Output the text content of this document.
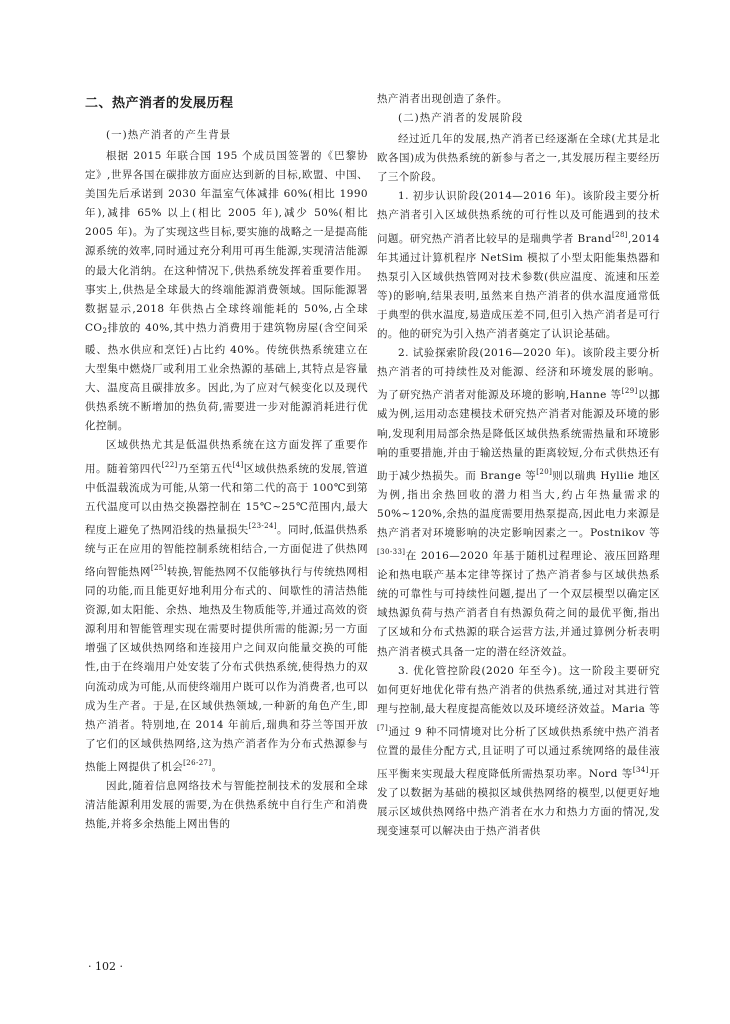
二、热产消者的发展历程
(一)热产消者的产生背景

根据 2015 年联合国 195 个成员国签署的《巴黎协定》,世界各国在碳排放方面应达到新的目标,欧盟、中国、美国先后承诺到 2030 年温室气体减排 60%(相比 1990 年),减排 65% 以上(相比 2005 年),减少 50%(相比 2005 年)。为了实现这些目标,要实施的战略之一是提高能源系统的效率,同时通过充分利用可再生能源,实现清洁能源的最大化消纳。在这种情况下,供热系统发挥着重要作用。事实上,供热是全球最大的终端能源消费领域。国际能源署数据显示,2018 年供热占全球终端能耗的 50%,占全球 $CO_2$排放的 40%,其中热力消费用于建筑物房屋(含空间采暖、热水供应和烹饪)占比约 40%。传统供热系统建立在大型集中燃烧厂或利用工业余热源的基础上,其特点是容量大、温度高且碳排放多。因此,为了应对气候变化以及现代供热系统不断增加的热负荷,需要进一步对能源消耗进行优化控制。

区域供热尤其是低温供热系统在这方面发挥了重要作用。随着第四代[22]乃至第五代[4]区域供热系统的发展,管道中低温载流成为可能,从第一代和第二代的高于 100℃到第五代温度可以由热交换器控制在 15℃~25℃范围内,最大程度上避免了热网沿线的热量损失[23-24]。同时,低温供热系统与正在应用的智能控制系统相结合,一方面促进了供热网络向智能热网[25]转换,智能热网不仅能够执行与传统热网相同的功能,而且能更好地利用分布式的、间歇性的清洁热能资源,如太阳能、余热、地热及生物质能等,并通过高效的资源利用和智能管理实现在需要时提供所需的能源;另一方面增强了区域供热网络和连接用户之间双向能量交换的可能性,由于在终端用户处安装了分布式供热系统,使得热力的双向流动成为可能,从而使终端用户既可以作为消费者,也可以成为生产者。于是,在区域供热领域,一种新的角色产生,即热产消者。特别地,在 2014 年前后,瑞典和芬兰等国开放了它们的区域供热网络,这为热产消者作为分布式热源参与热能上网提供了机会[26-27]。

因此,随着信息网络技术与智能控制技术的发展和全球清洁能源利用发展的需要,为在供热系统中自行生产和消费热能,并将多余热能上网出售的

热产消者出现创造了条件。

(二)热产消者的发展阶段

经过近几年的发展,热产消者已经逐渐在全球(尤其是北欧各国)成为供热系统的新参与者之一,其发展历程主要经历了三个阶段。

1. 初步认识阶段(2014—2016 年)。该阶段主要分析热产消者引入区域供热系统的可行性以及可能遇到的技术问题。研究热产消者比较早的是瑞典学者 Brand[28],2014 年其通过计算机程序 NetSim 模拟了小型太阳能集热器和热泵引入区域供热管网对技术参数(供应温度、流速和压差等)的影响,结果表明,虽然来自热产消者的供水温度通常低于典型的供水温度,易造成压差不同,但引入热产消者是可行的。他的研究为引入热产消者奠定了认识论基础。

2. 试验探索阶段(2016—2020 年)。该阶段主要分析热产消者的可持续性及对能源、经济和环境发展的影响。为了研究热产消者对能源及环境的影响,Hanne 等[29]以挪威为例,运用动态建模技术研究热产消者对能源及环境的影响,发现利用局部余热是降低区域供热系统需热量和环境影响的重要措施,并由于输送热量的距离较短,分布式供热还有助于减少热损失。而 Brange 等[20]则以瑞典 Hyllie 地区为例,指出余热回收的潜力相当大,约占年热量需求的 50%~120%,余热的温度需要用热泵提高,因此电力来源是热产消者对环境影响的决定影响因素之一。Postnikov 等[30-33]在 2016—2020 年基于随机过程理论、液压回路理论和热电联产基本定律等探讨了热产消者参与区域供热系统的可靠性与可持续性问题,提出了一个双层模型以确定区域热源负荷与热产消者自有热源负荷之间的最优平衡,指出了区域和分布式热源的联合运营方法,并通过算例分析表明热产消者模式具备一定的潜在经济效益。

3. 优化管控阶段(2020 年至今)。这一阶段主要研究如何更好地优化带有热产消者的供热系统,通过对其进行管理与控制,最大程度提高能效以及环境经济效益。Maria 等[7]通过 9 种不同情境对比分析了区域供热系统中热产消者位置的最佳分配方式,且证明了可以通过系统网络的最佳液压平衡来实现最大程度降低所需热泵功率。Nord 等[34]开发了以数据为基础的模拟区域供热网络的模型,以便更好地展示区域供热网络中热产消者在水力和热力方面的情况,发现变速泵可以解决由于热产消者供

· 102 ·
